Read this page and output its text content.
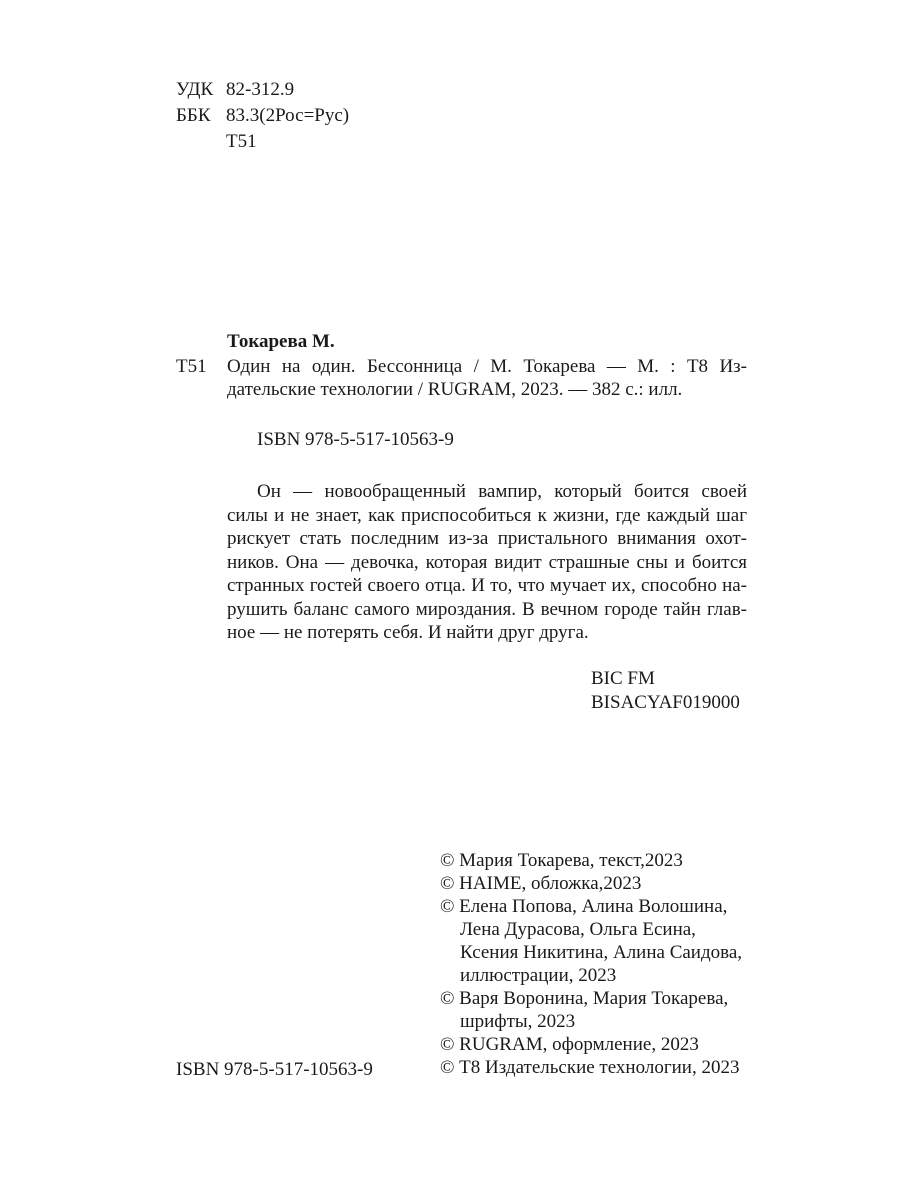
УДК 82-312.9
ББК 83.3(2Рос=Рус)
Т51
Токарева М.
Т51 Один на один. Бессонница / М. Токарева — М. : Т8 Из-
дательские технологии / RUGRAM, 2023. — 382 с.: илл.
ISBN 978-5-517-10563-9
Он — новообращенный вампир, который боится своей
силы и не знает, как приспособиться к жизни, где каждый шаг
рискует стать последним из-за пристального внимания охот-
ников. Она — девочка, которая видит страшные сны и боится
странных гостей своего отца. И то, что мучает их, способно на-
рушить баланс самого мироздания. В вечном городе тайн глав-
ное — не потерять себя. И найти друг друга.
BIC FM
BISACYAF019000
© Мария Токарева, текст,2023
© HAIME, обложка,2023
© Елена Попова, Алина Волошина,
Лена Дурасова, Ольга Есина,
Ксения Никитина, Алина Саидова,
иллюстрации, 2023
© Варя Воронина, Мария Токарева,
шрифты, 2023
© RUGRAM, оформление, 2023
© Т8 Издательские технологии, 2023
ISBN 978-5-517-10563-9
